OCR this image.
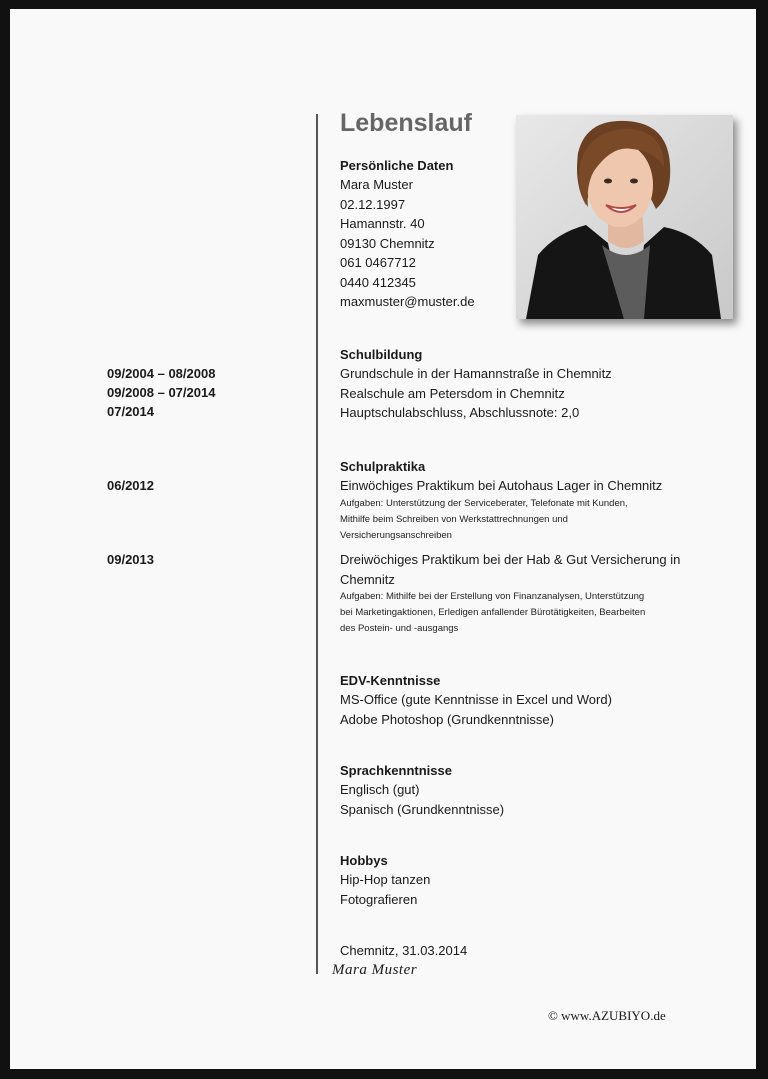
Lebenslauf
Persönliche Daten
Mara Muster
02.12.1997
Hamannstr. 40
09130 Chemnitz
061 0467712
0440 412345
maxmuster@muster.de
Schulbildung
Grundschule in der Hamannstraße in Chemnitz
Realschule am Petersdom in Chemnitz
Hauptschulabschluss, Abschlussnote: 2,0
09/2004 – 08/2008
09/2008 – 07/2014
07/2014
Schulpraktika
Einwöchiges Praktikum bei Autohaus Lager in Chemnitz
Aufgaben: Unterstützung der Serviceberater, Telefonate mit Kunden,
Mithilfe beim Schreiben von Werkstattrechnungen und
Versicherungsanschreiben
06/2012
Dreiwöchiges Praktikum bei der Hab & Gut Versicherung in
Chemnitz
Aufgaben: Mithilfe bei der Erstellung von Finanzanalysen, Unterstützung
bei Marketingaktionen, Erledigen anfallender Bürotätigkeiten, Bearbeiten
des Postein- und -ausgangs
09/2013
EDV-Kenntnisse
MS-Office (gute Kenntnisse in Excel und Word)
Adobe Photoshop (Grundkenntnisse)
Sprachkenntnisse
Englisch (gut)
Spanisch (Grundkenntnisse)
Hobbys
Hip-Hop tanzen
Fotografieren
Chemnitz, 31.03.2014
Mara Muster
© www.AZUBIYO.de
